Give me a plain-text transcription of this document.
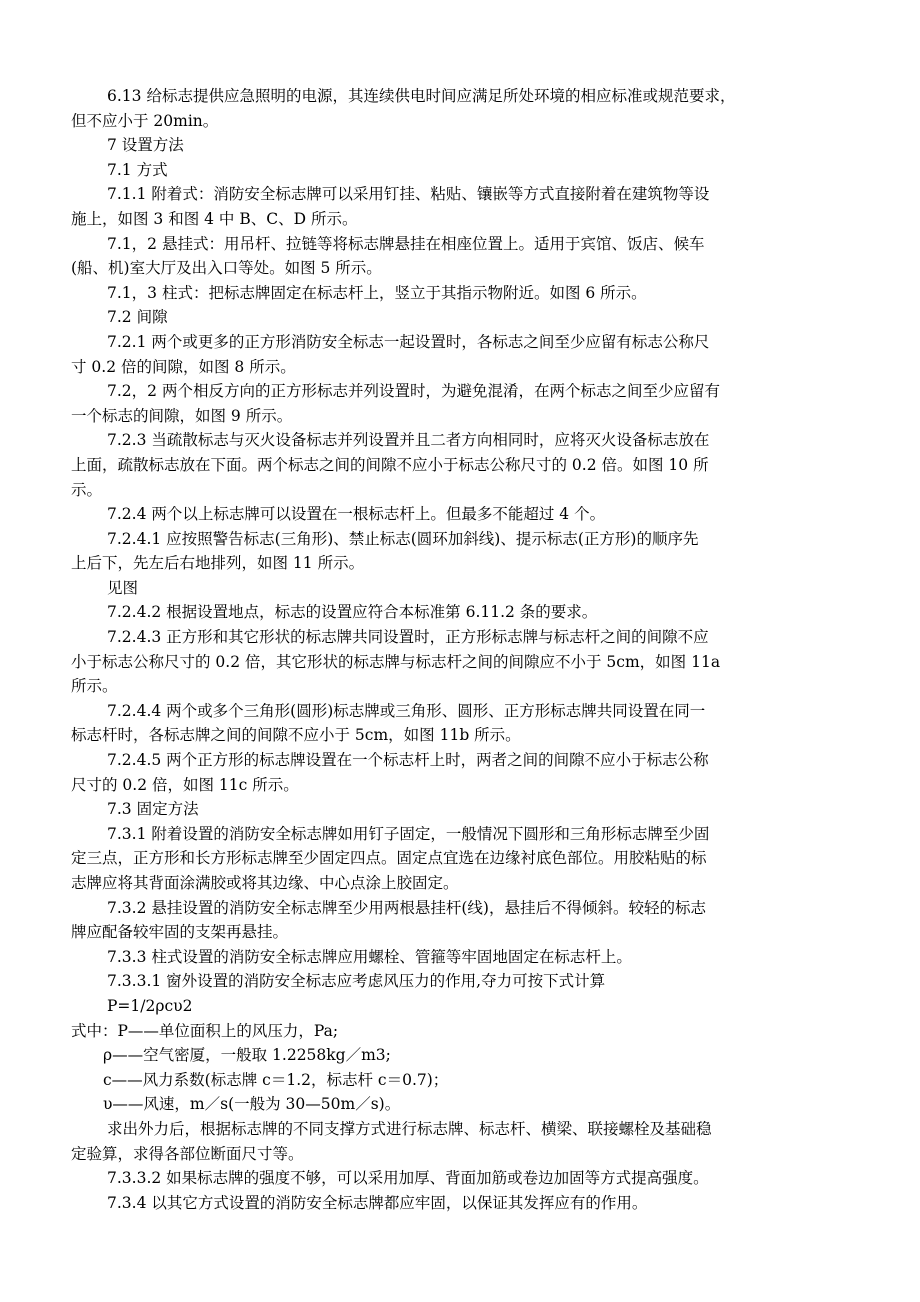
6.13 给标志提供应急照明的电源，其连续供电时间应满足所处环境的相应标准或规范要求，
但不应小于 20min。
7 设置方法
7.1 方式
7.1.1 附着式：消防安全标志牌可以采用钉挂、粘贴、镶嵌等方式直接附着在建筑物等设
施上，如图 3 和图 4 中 B、C、D 所示。
7.1，2 悬挂式：用吊杆、拉链等将标志牌悬挂在相座位置上。适用于宾馆、饭店、候车
(船、机)室大厅及出入口等处。如图 5 所示。
7.1，3 柱式：把标志牌固定在标志杆上，竖立于其指示物附近。如图 6 所示。
7.2 间隙
7.2.1 两个或更多的正方形消防安全标志一起设置时，各标志之间至少应留有标志公称尺
寸 0.2 倍的间隙，如图 8 所示。
7.2，2 两个相反方向的正方形标志并列设置时，为避免混淆，在两个标志之间至少应留有
一个标志的间隙，如图 9 所示。
7.2.3 当疏散标志与灭火设备标志并列设置并且二者方向相同时，应将灭火设备标志放在
上面，疏散标志放在下面。两个标志之间的间隙不应小于标志公称尺寸的 0.2 倍。如图 10 所
示。
7.2.4 两个以上标志牌可以设置在一根标志杆上。但最多不能超过 4 个。
7.2.4.1 应按照警告标志(三角形)、禁止标志(圆环加斜线)、提示标志(正方形)的顺序先
上后下，先左后右地排列，如图 11 所示。
见图
7.2.4.2 根据设置地点，标志的设置应符合本标准第 6.11.2 条的要求。
7.2.4.3 正方形和其它形状的标志牌共同设置时，正方形标志牌与标志杆之间的间隙不应
小于标志公称尺寸的 0.2 倍，其它形状的标志牌与标志杆之间的间隙应不小于 5cm，如图 11a
所示。
7.2.4.4 两个或多个三角形(圆形)标志牌或三角形、圆形、正方形标志牌共同设置在同一
标志杆时，各标志牌之间的间隙不应小于 5cm，如图 11b 所示。
7.2.4.5 两个正方形的标志牌设置在一个标志杆上时，两者之间的间隙不应小于标志公称
尺寸的 0.2 倍，如图 11c 所示。
7.3 固定方法
7.3.1 附着设置的消防安全标志牌如用钉子固定，一般情况下圆形和三角形标志牌至少固
定三点，正方形和长方形标志牌至少固定四点。固定点宜选在边缘衬底色部位。用胶粘贴的标
志牌应将其背面涂满胶或将其边缘、中心点涂上胶固定。
7.3.2 悬挂设置的消防安全标志牌至少用两根悬挂杆(线)，悬挂后不得倾斜。较轻的标志
牌应配备较牢固的支架再悬挂。
7.3.3 柱式设置的消防安全标志牌应用螺栓、管箍等牢固地固定在标志杆上。
7.3.3.1 窗外设置的消防安全标志应考虑风压力的作用,夺力可按下式计算
P=1/2ρcυ2
式中：P——单位面积上的风压力，Pa;
ρ——空气密厦，一般取 1.2258kg／m3;
c——风力系数(标志牌 c＝1.2，标志杆 c＝0.7)；
υ——风速，m／s(一般为 30—50m／s)。
求出外力后，根据标志牌的不同支撑方式进行标志牌、标志杆、横梁、联接螺栓及基础稳
定验算，求得各部位断面尺寸等。
7.3.3.2 如果标志牌的强度不够，可以采用加厚、背面加筋或卷边加固等方式提高强度。
7.3.4 以其它方式设置的消防安全标志牌都应牢固，以保证其发挥应有的作用。
